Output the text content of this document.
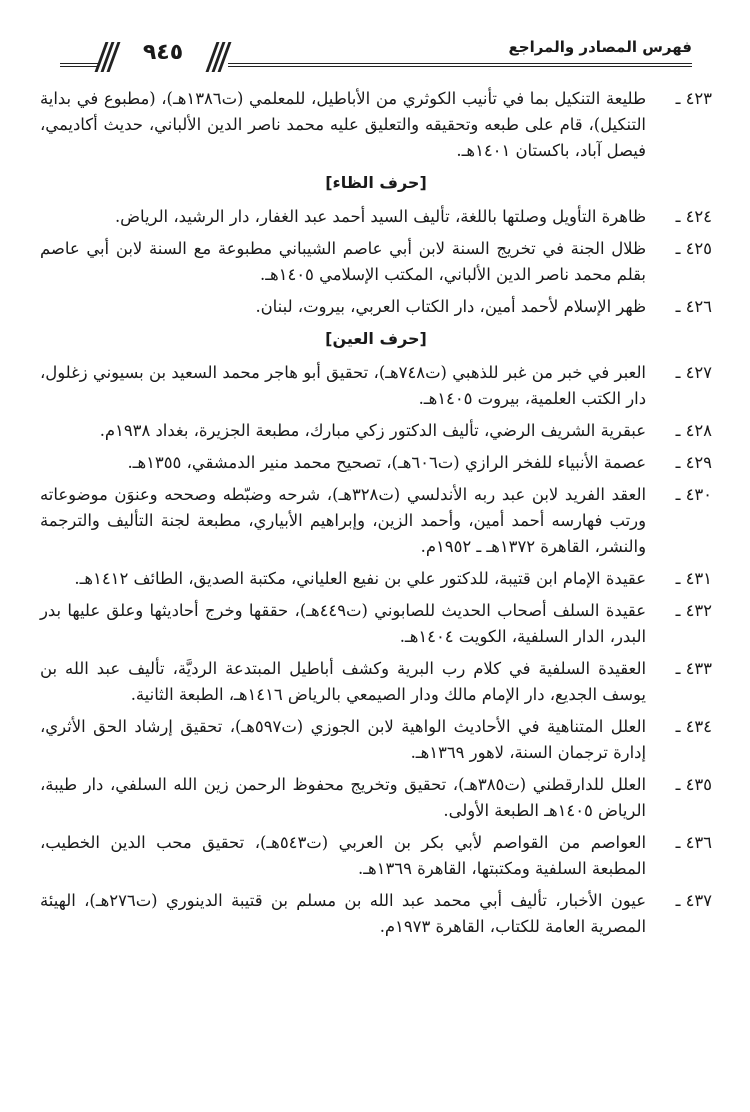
فهرس المصادر والمراجع
٩٤٥
٤٢٣ ـ
طليعة التنكيل بما في تأنيب الكوثري من الأباطيل، للمعلمي (ت١٣٨٦هـ)، (مطبوع في بداية التنكيل)، قام على طبعه وتحقيقه والتعليق عليه محمد ناصر الدين الألباني، حديث أكاديمي، فيصل آباد، باكستان ١٤٠١هـ.
[حرف الظاء]
٤٢٤ ـ
ظاهرة التأويل وصلتها باللغة، تأليف السيد أحمد عبد الغفار، دار الرشيد، الرياض.
٤٢٥ ـ
ظلال الجنة في تخريج السنة لابن أبي عاصم الشيباني مطبوعة مع السنة لابن أبي عاصم بقلم محمد ناصر الدين الألباني، المكتب الإسلامي ١٤٠٥هـ.
٤٢٦ ـ
ظهر الإسلام لأحمد أمين، دار الكتاب العربي، بيروت، لبنان.
[حرف العين]
٤٢٧ ـ
العبر في خبر من غبر للذهبي (ت٧٤٨هـ)، تحقيق أبو هاجر محمد السعيد بن بسيوني زغلول، دار الكتب العلمية، بيروت ١٤٠٥هـ.
٤٢٨ ـ
عبقرية الشريف الرضي، تأليف الدكتور زكي مبارك، مطبعة الجزيرة، بغداد ١٩٣٨م.
٤٢٩ ـ
عصمة الأنبياء للفخر الرازي (ت٦٠٦هـ)، تصحيح محمد منير الدمشقي، ١٣٥٥هـ.
٤٣٠ ـ
العقد الفريد لابن عبد ربه الأندلسي (ت٣٢٨هـ)، شرحه وضبّطه وصححه وعنوَن موضوعاته ورتب فهارسه أحمد أمين، وأحمد الزين، وإبراهيم الأبياري، مطبعة لجنة التأليف والترجمة والنشر، القاهرة ١٣٧٢هـ ـ ١٩٥٢م.
٤٣١ ـ
عقيدة الإمام ابن قتيبة، للدكتور علي بن نفيع العلياني، مكتبة الصديق، الطائف ١٤١٢هـ.
٤٣٢ ـ
عقيدة السلف أصحاب الحديث للصابوني (ت٤٤٩هـ)، حققها وخرج أحاديثها وعلق عليها بدر البدر، الدار السلفية، الكويت ١٤٠٤هـ.
٤٣٣ ـ
العقيدة السلفية في كلام رب البرية وكشف أباطيل المبتدعة الرديَّة، تأليف عبد الله بن يوسف الجديع، دار الإمام مالك ودار الصيمعي بالرياض ١٤١٦هـ، الطبعة الثانية.
٤٣٤ ـ
العلل المتناهية في الأحاديث الواهية لابن الجوزي (ت٥٩٧هـ)، تحقيق إرشاد الحق الأثري، إدارة ترجمان السنة، لاهور ١٣٦٩هـ.
٤٣٥ ـ
العلل للدارقطني (ت٣٨٥هـ)، تحقيق وتخريج محفوظ الرحمن زين الله السلفي، دار طيبة، الرياض ١٤٠٥هـ الطبعة الأولى.
٤٣٦ ـ
العواصم من القواصم لأبي بكر بن العربي (ت٥٤٣هـ)، تحقيق محب الدين الخطيب، المطبعة السلفية ومكتبتها، القاهرة ١٣٦٩هـ.
٤٣٧ ـ
عيون الأخبار، تأليف أبي محمد عبد الله بن مسلم بن قتيبة الدينوري (ت٢٧٦هـ)، الهيئة المصرية العامة للكتاب، القاهرة ١٩٧٣م.
